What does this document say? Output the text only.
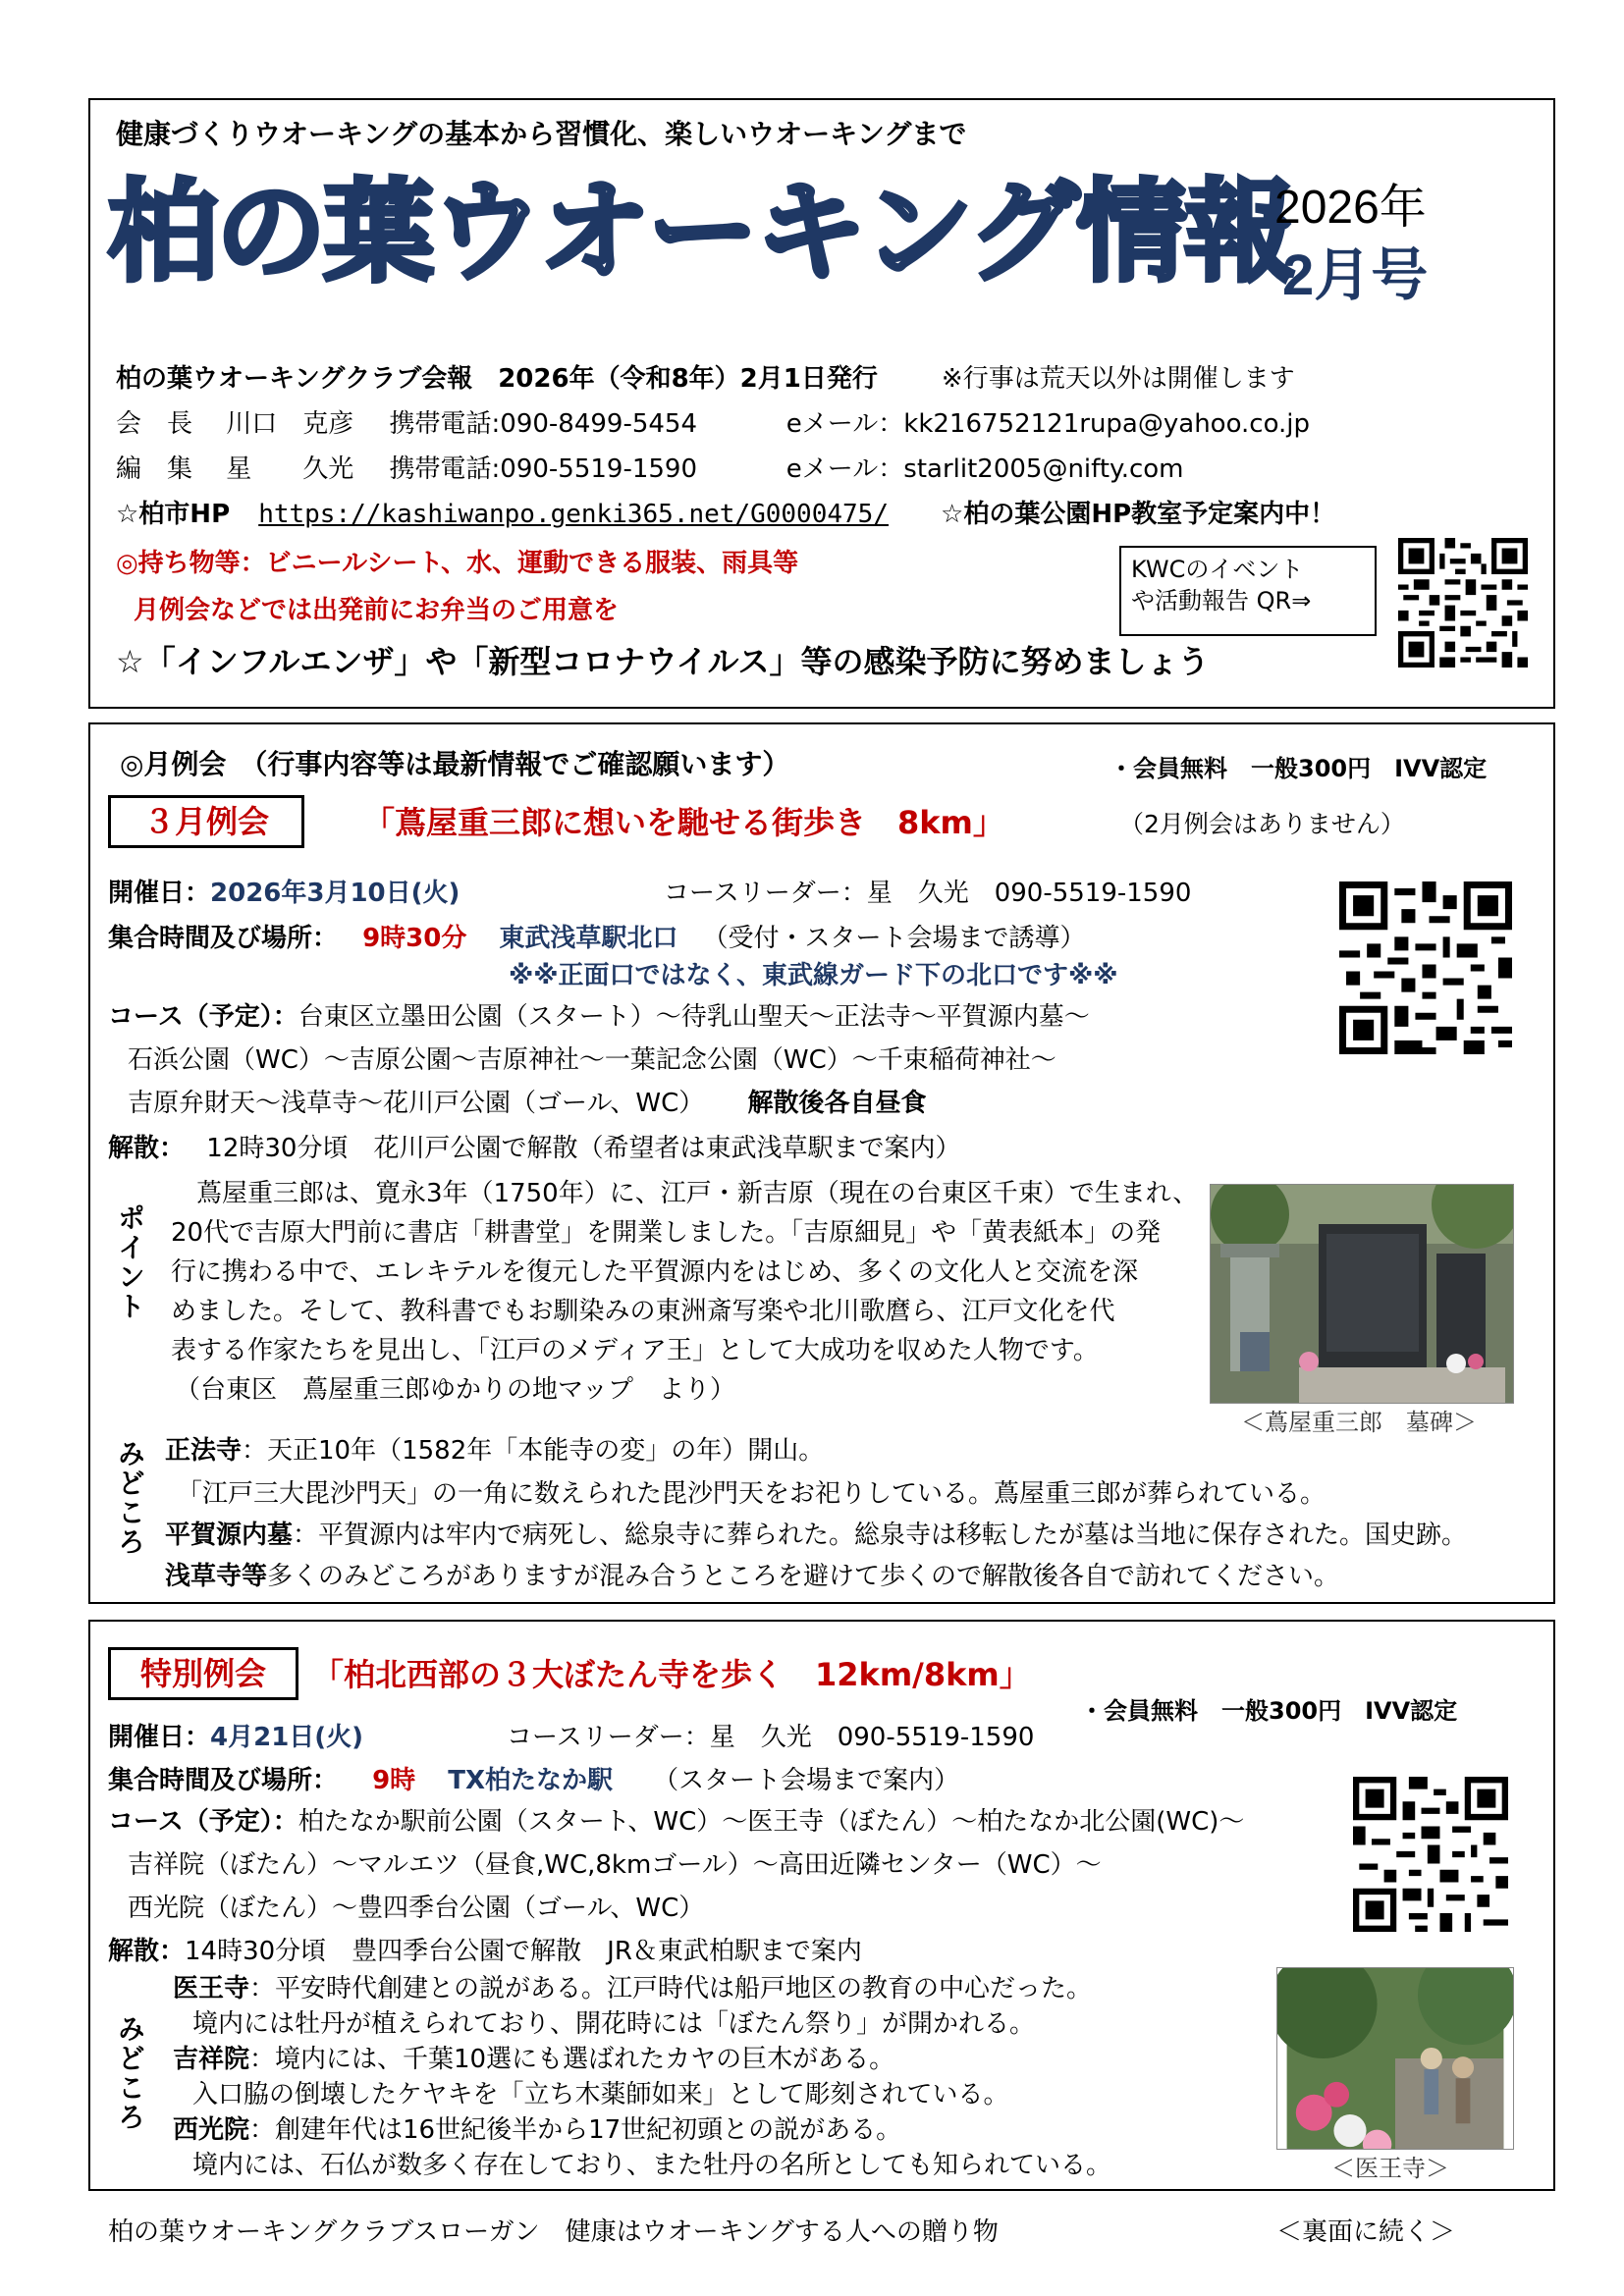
健康づくりウオーキングの基本から習慣化、楽しいウオーキングまで
柏の葉ウオーキング情報
2026年
2月号
柏の葉ウオーキングクラブ会報　2026年（令和8年）2月1日発行	※行事は荒天以外は開催します
会　長 川口　克彦 携帯電話:090-8499-5454	eメール：kk216752121rupa@yahoo.co.jp
編　集 星　　久光 携帯電話:090-5519-1590	eメール：starlit2005@nifty.com
☆柏市HP https://kashiwanpo.genki365.net/G0000475/ ☆柏の葉公園HP教室予定案内中！
◎持ち物等：ビニールシート、水、運動できる服装、雨具等
月例会などでは出発前にお弁当のご用意を
KWCのイベント
や活動報告 QR⇒
☆「インフルエンザ」や「新型コロナウイルス」等の感染予防に努めましょう
◎月例会　（行事内容等は最新情報でご確認願います）	・会員無料　一般300円　IVV認定
３月例会	「蔦屋重三郎に想いを馳せる街歩き　8km」	（2月例会はありません）
開催日：2026年3月10日(火)	コースリーダー：星　久光　090-5519-1590
集合時間及び場所： 9時30分 東武浅草駅北口 （受付・スタート会場まで誘導）
※※正面口ではなく、東武線ガード下の北口です※※
コース（予定）：台東区立墨田公園（スタート）～待乳山聖天～正法寺～平賀源内墓～
石浜公園（WC）～吉原公園～吉原神社～一葉記念公園（WC）～千束稲荷神社～
吉原弁財天～浅草寺～花川戸公園（ゴール、WC） 解散後各自昼食
解散： 12時30分頃　花川戸公園で解散（希望者は東武浅草駅まで案内）
ポイント
蔦屋重三郎は、寛永3年（1750年）に、江戸・新吉原（現在の台東区千束）で生まれ、
20代で吉原大門前に書店「耕書堂」を開業しました。「吉原細見」や「黄表紙本」の発
行に携わる中で、エレキテルを復元した平賀源内をはじめ、多くの文化人と交流を深
めました。そして、教科書でもお馴染みの東洲斎写楽や北川歌麿ら、江戸文化を代
表する作家たちを見出し、「江戸のメディア王」として大成功を収めた人物です。
（台東区　蔦屋重三郎ゆかりの地マップ　より）
＜蔦屋重三郎　墓碑＞
みどころ 正法寺：天正10年（1582年「本能寺の変」の年）開山。
「江戸三大毘沙門天」の一角に数えられた毘沙門天をお祀りしている。蔦屋重三郎が葬られている。
平賀源内墓：平賀源内は牢内で病死し、総泉寺に葬られた。総泉寺は移転したが墓は当地に保存された。国史跡。
浅草寺等多くのみどころがありますが混み合うところを避けて歩くので解散後各自で訪れてください。
特別例会	「柏北西部の３大ぼたん寺を歩く　12km/8km」
・会員無料　一般300円　IVV認定
開催日：4月21日(火)	コースリーダー：星　久光　090-5519-1590
集合時間及び場所： 9時 TX柏たなか駅 （スタート会場まで案内）
コース（予定）：柏たなか駅前公園（スタート、WC）～医王寺（ぼたん）～柏たなか北公園(WC)～
吉祥院（ぼたん）～マルエツ（昼食,WC,8kmゴール）～高田近隣センター（WC）～
西光院（ぼたん）～豊四季台公園（ゴール、WC）
解散：14時30分頃　豊四季台公園で解散　JR＆東武柏駅まで案内
みどころ
医王寺：平安時代創建との説がある。江戸時代は船戸地区の教育の中心だった。
境内には牡丹が植えられており、開花時には「ぼたん祭り」が開かれる。
吉祥院：境内には、千葉10選にも選ばれたカヤの巨木がある。
入口脇の倒壊したケヤキを「立ち木薬師如来」として彫刻されている。
西光院：創建年代は16世紀後半から17世紀初頭との説がある。
境内には、石仏が数多く存在しており、また牡丹の名所としても知られている。	＜医王寺＞
柏の葉ウオーキングクラブスローガン　健康はウオーキングする人への贈り物	＜裏面に続く＞
